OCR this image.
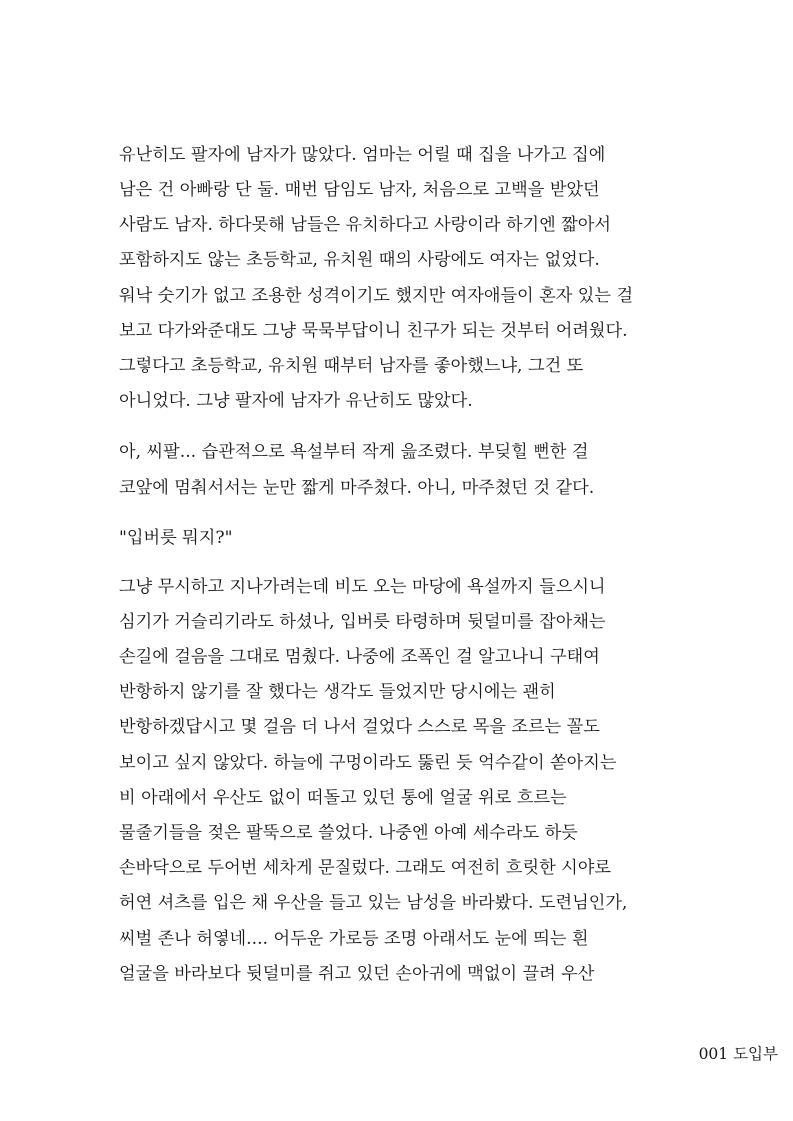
유난히도 팔자에 남자가 많았다. 엄마는 어릴 때 집을 나가고 집에
남은 건 아빠랑 단 둘. 매번 담임도 남자, 처음으로 고백을 받았던
사람도 남자. 하다못해 남들은 유치하다고 사랑이라 하기엔 짧아서
포함하지도 않는 초등학교, 유치원 때의 사랑에도 여자는 없었다.
워낙 숫기가 없고 조용한 성격이기도 했지만 여자애들이 혼자 있는 걸
보고 다가와준대도 그냥 묵묵부답이니 친구가 되는 것부터 어려웠다.
그렇다고 초등학교, 유치원 때부터 남자를 좋아했느냐, 그건 또
아니었다. 그냥 팔자에 남자가 유난히도 많았다.
아, 씨팔... 습관적으로 욕설부터 작게 읊조렸다. 부딪힐 뻔한 걸
코앞에 멈춰서서는 눈만 짧게 마주쳤다. 아니, 마주쳤던 것 같다.
"입버릇 뭐지?"
그냥 무시하고 지나가려는데 비도 오는 마당에 욕설까지 들으시니
심기가 거슬리기라도 하셨나, 입버릇 타령하며 뒷덜미를 잡아채는
손길에 걸음을 그대로 멈췄다. 나중에 조폭인 걸 알고나니 구태여
반항하지 않기를 잘 했다는 생각도 들었지만 당시에는 괜히
반항하겠답시고 몇 걸음 더 나서 걸었다 스스로 목을 조르는 꼴도
보이고 싶지 않았다. 하늘에 구멍이라도 뚫린 듯 억수같이 쏟아지는
비 아래에서 우산도 없이 떠돌고 있던 통에 얼굴 위로 흐르는
물줄기들을 젖은 팔뚝으로 쓸었다. 나중엔 아예 세수라도 하듯
손바닥으로 두어번 세차게 문질렀다. 그래도 여전히 흐릿한 시야로
허연 셔츠를 입은 채 우산을 들고 있는 남성을 바라봤다. 도련님인가,
씨벌 존나 허옇네.... 어두운 가로등 조명 아래서도 눈에 띄는 흰
얼굴을 바라보다 뒷덜미를 쥐고 있던 손아귀에 맥없이 끌려 우산
001 도입부
